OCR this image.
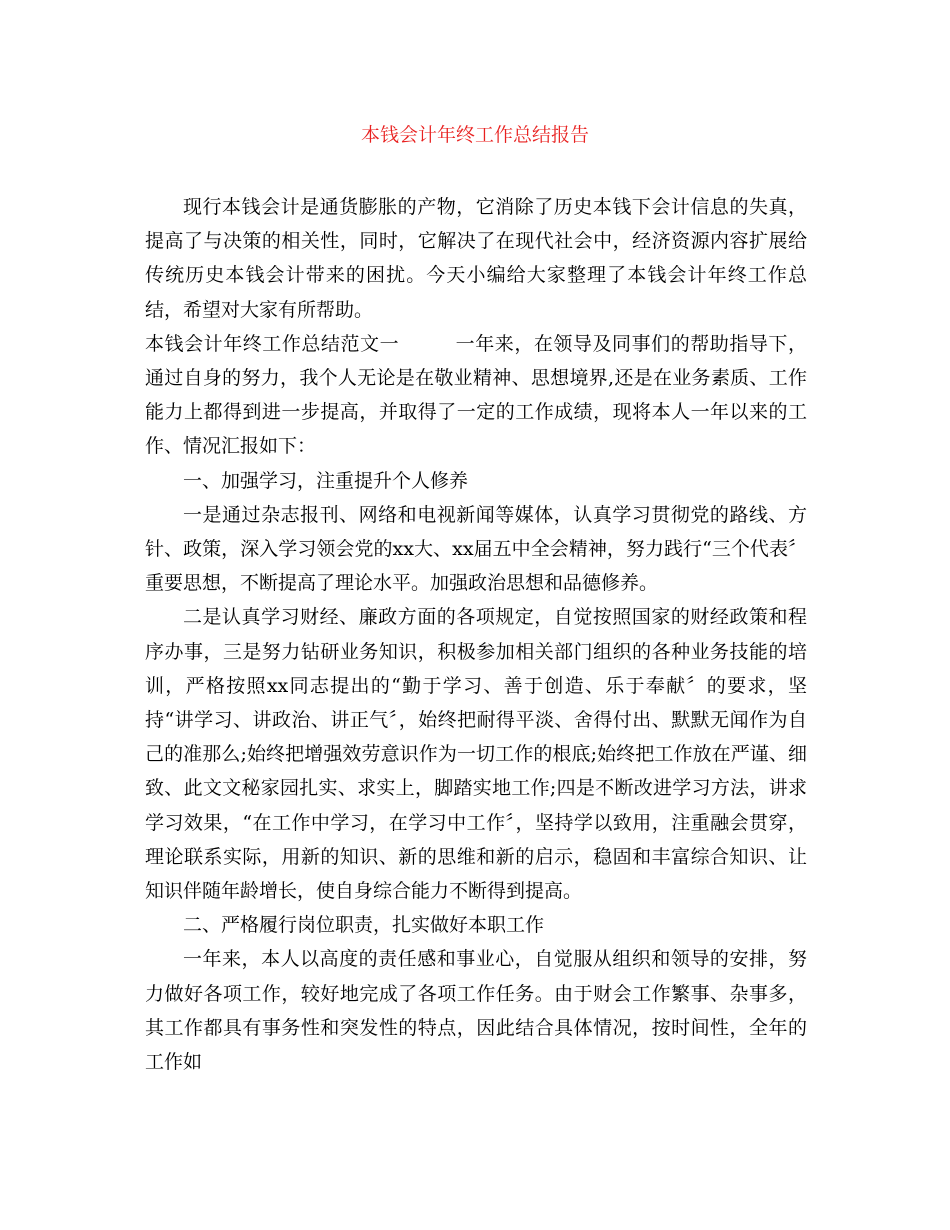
本钱会计年终工作总结报告

现行本钱会计是通货膨胀的产物，它消除了历史本钱下会计信息的失真，提高了与决策的相关性，同时，它解决了在现代社会中，经济资源内容扩展给传统历史本钱会计带来的困扰。今天小编给大家整理了本钱会计年终工作总结，希望对大家有所帮助。

本钱会计年终工作总结范文一	一年来，在领导及同事们的帮助指导下，通过自身的努力，我个人无论是在敬业精神、思想境界,还是在业务素质、工作能力上都得到进一步提高，并取得了一定的工作成绩，现将本人一年以来的工作、情况汇报如下：

一、加强学习，注重提升个人修养

一是通过杂志报刊、网络和电视新闻等媒体，认真学习贯彻党的路线、方针、政策，深入学习领会党的xx大、xx届五中全会精神，努力践行“三个代表〞重要思想，不断提高了理论水平。加强政治思想和品德修养。

二是认真学习财经、廉政方面的各项规定，自觉按照国家的财经政策和程序办事，三是努力钻研业务知识，积极参加相关部门组织的各种业务技能的培训，严格按照xx同志提出的“勤于学习、善于创造、乐于奉献〞的要求，坚持“讲学习、讲政治、讲正气〞，始终把耐得平淡、舍得付出、默默无闻作为自己的准那么;始终把增强效劳意识作为一切工作的根底;始终把工作放在严谨、细致、此文文秘家园扎实、求实上，脚踏实地工作;四是不断改进学习方法，讲求学习效果，“在工作中学习，在学习中工作〞，坚持学以致用，注重融会贯穿，理论联系实际，用新的知识、新的思维和新的启示，稳固和丰富综合知识、让知识伴随年龄增长，使自身综合能力不断得到提高。

二、严格履行岗位职责，扎实做好本职工作

一年来，本人以高度的责任感和事业心，自觉服从组织和领导的安排，努力做好各项工作，较好地完成了各项工作任务。由于财会工作繁事、杂事多，其工作都具有事务性和突发性的特点，因此结合具体情况，按时间性，全年的工作如
